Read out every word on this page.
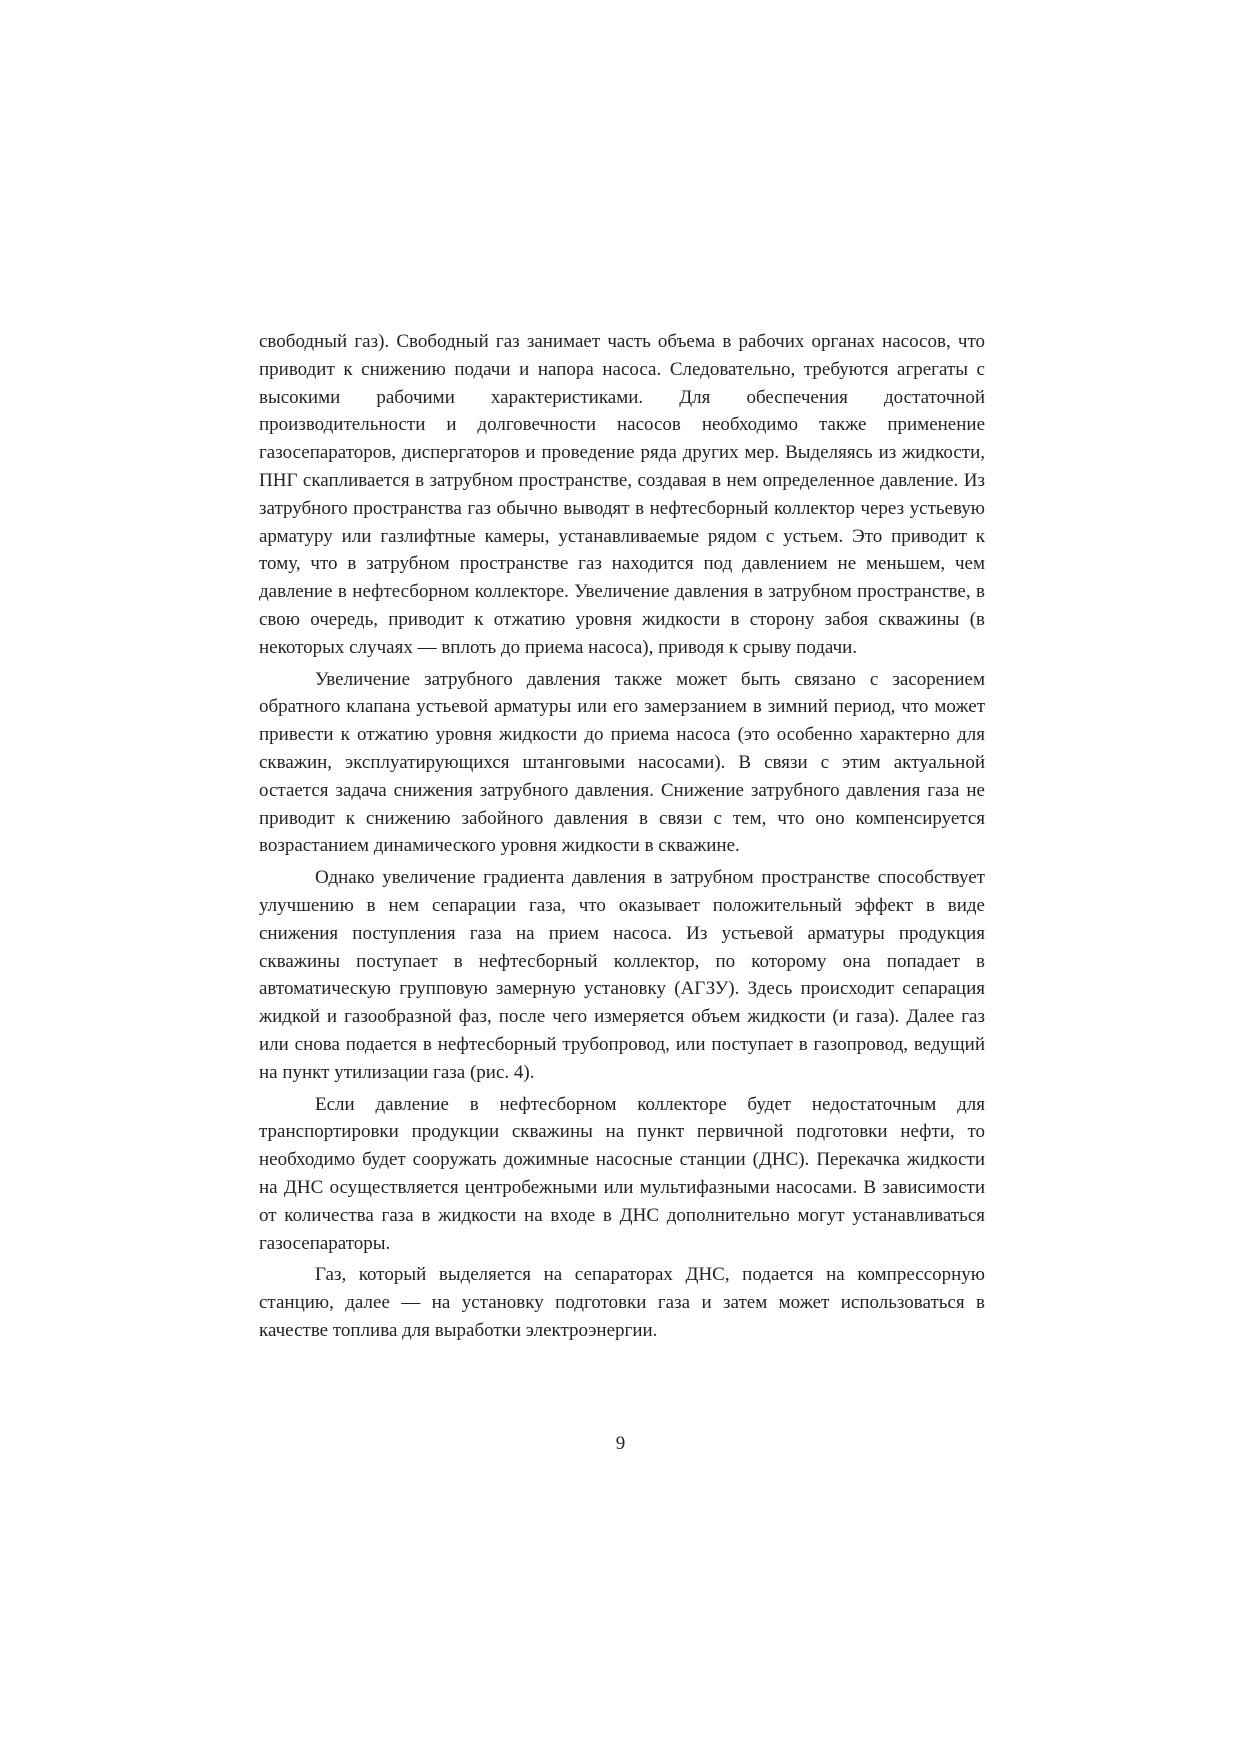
свободный газ). Свободный газ занимает часть объема в рабочих органах насосов, что приводит к снижению подачи и напора насоса. Следовательно, требуются агрегаты с высокими рабочими характеристиками. Для обеспечения достаточной производительности и долговечности насосов необходимо также применение газосепараторов, диспергаторов и проведение ряда других мер. Выделяясь из жидкости, ПНГ скапливается в затрубном пространстве, создавая в нем определенное давление. Из затрубного пространства газ обычно выводят в нефтесборный коллектор через устьевую арматуру или газлифтные камеры, устанавливаемые рядом с устьем. Это приводит к тому, что в затрубном пространстве газ находится под давлением не меньшем, чем давление в нефтесборном коллекторе. Увеличение давления в затрубном пространстве, в свою очередь, приводит к отжатию уровня жидкости в сторону забоя скважины (в некоторых случаях — вплоть до приема насоса), приводя к срыву подачи.

Увеличение затрубного давления также может быть связано с засорением обратного клапана устьевой арматуры или его замерзанием в зимний период, что может привести к отжатию уровня жидкости до приема насоса (это особенно характерно для скважин, эксплуатирующихся штанговыми насосами). В связи с этим актуальной остается задача снижения затрубного давления. Снижение затрубного давления газа не приводит к снижению забойного давления в связи с тем, что оно компенсируется возрастанием динамического уровня жидкости в скважине.

Однако увеличение градиента давления в затрубном пространстве способствует улучшению в нем сепарации газа, что оказывает положительный эффект в виде снижения поступления газа на прием насоса. Из устьевой арматуры продукция скважины поступает в нефтесборный коллектор, по которому она попадает в автоматическую групповую замерную установку (АГЗУ). Здесь происходит сепарация жидкой и газообразной фаз, после чего измеряется объем жидкости (и газа). Далее газ или снова подается в нефтесборный трубопровод, или поступает в газопровод, ведущий на пункт утилизации газа (рис. 4).

Если давление в нефтесборном коллекторе будет недостаточным для транспортировки продукции скважины на пункт первичной подготовки нефти, то необходимо будет сооружать дожимные насосные станции (ДНС). Перекачка жидкости на ДНС осуществляется центробежными или мультифазными насосами. В зависимости от количества газа в жидкости на входе в ДНС дополнительно могут устанавливаться газосепараторы.

Газ, который выделяется на сепараторах ДНС, подается на компрессорную станцию, далее — на установку подготовки газа и затем может использоваться в качестве топлива для выработки электроэнергии.

9
